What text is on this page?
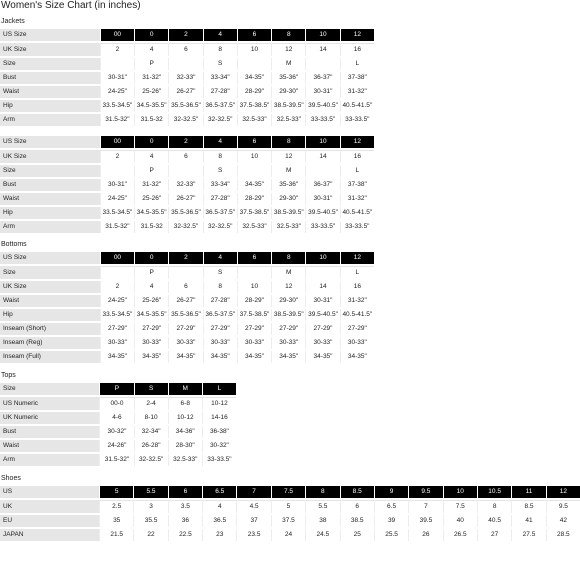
Women's Size Chart (in inches)
Jackets
US Size	00	0	2	4	6	8	10	12
UK Size	2	4	6	8	10	12	14	16
Size		P		S		M		L
Bust	30-31"	31-32"	32-33"	33-34"	34-35"	35-36"	36-37"	37-38"
Waist	24-25"	25-26"	26-27"	27-28"	28-29"	29-30"	30-31"	31-32"
Hip	33.5-34.5"	34.5-35.5"	35.5-36.5"	36.5-37.5"	37.5-38.5"	38.5-39.5"	39.5-40.5"	40.5-41.5"
Arm	31.5-32"	31.5-32	32-32.5"	32-32.5"	32.5-33"	32.5-33"	33-33.5"	33-33.5"
US Size	00	0	2	4	6	8	10	12
UK Size	2	4	6	8	10	12	14	16
Size		P		S		M		L
Bust	30-31"	31-32"	32-33"	33-34"	34-35"	35-36"	36-37"	37-38"
Waist	24-25"	25-26"	26-27"	27-28"	28-29"	29-30"	30-31"	31-32"
Hip	33.5-34.5"	34.5-35.5"	35.5-36.5"	36.5-37.5"	37.5-38.5"	38.5-39.5"	39.5-40.5"	40.5-41.5"
Arm	31.5-32"	31.5-32	32-32.5"	32-32.5"	32.5-33"	32.5-33"	33-33.5"	33-33.5"
Bottoms
US Size	00	0	2	4	6	8	10	12
Size		P		S		M		L
UK Size	2	4	6	8	10	12	14	16
Waist	24-25"	25-26"	26-27"	27-28"	28-29"	29-30"	30-31"	31-32"
Hip	33.5-34.5"	34.5-35.5"	35.5-36.5"	36.5-37.5"	37.5-38.5"	38.5-39.5"	39.5-40.5"	40.5-41.5"
Inseam (Short)	27-29"	27-29"	27-29"	27-29"	27-29"	27-29"	27-29"	27-29"
Inseam (Reg)	30-33"	30-33"	30-33"	30-33"	30-33"	30-33"	30-33"	30-33"
Inseam (Full)	34-35"	34-35"	34-35"	34-35"	34-35"	34-35"	34-35"	34-35"
Tops
Size	P	S	M	L
US Numeric	00-0	2-4	6-8	10-12
UK Numeric	4-6	8-10	10-12	14-16
Bust	30-32"	32-34"	34-36"	36-38"
Waist	24-26"	26-28"	28-30"	30-32"
Arm	31.5-32"	32-32.5"	32.5-33"	33-33.5"
Shoes
US	5	5.5	6	6.5	7	7.5	8	8.5	9	9.5	10	10.5	11	12
UK	2.5	3	3.5	4	4.5	5	5.5	6	6.5	7	7.5	8	8.5	9.5
EU	35	35.5	36	36.5	37	37.5	38	38.5	39	39.5	40	40.5	41	42
JAPAN	21.5	22	22.5	23	23.5	24	24.5	25	25.5	26	26.5	27	27.5	28.5
